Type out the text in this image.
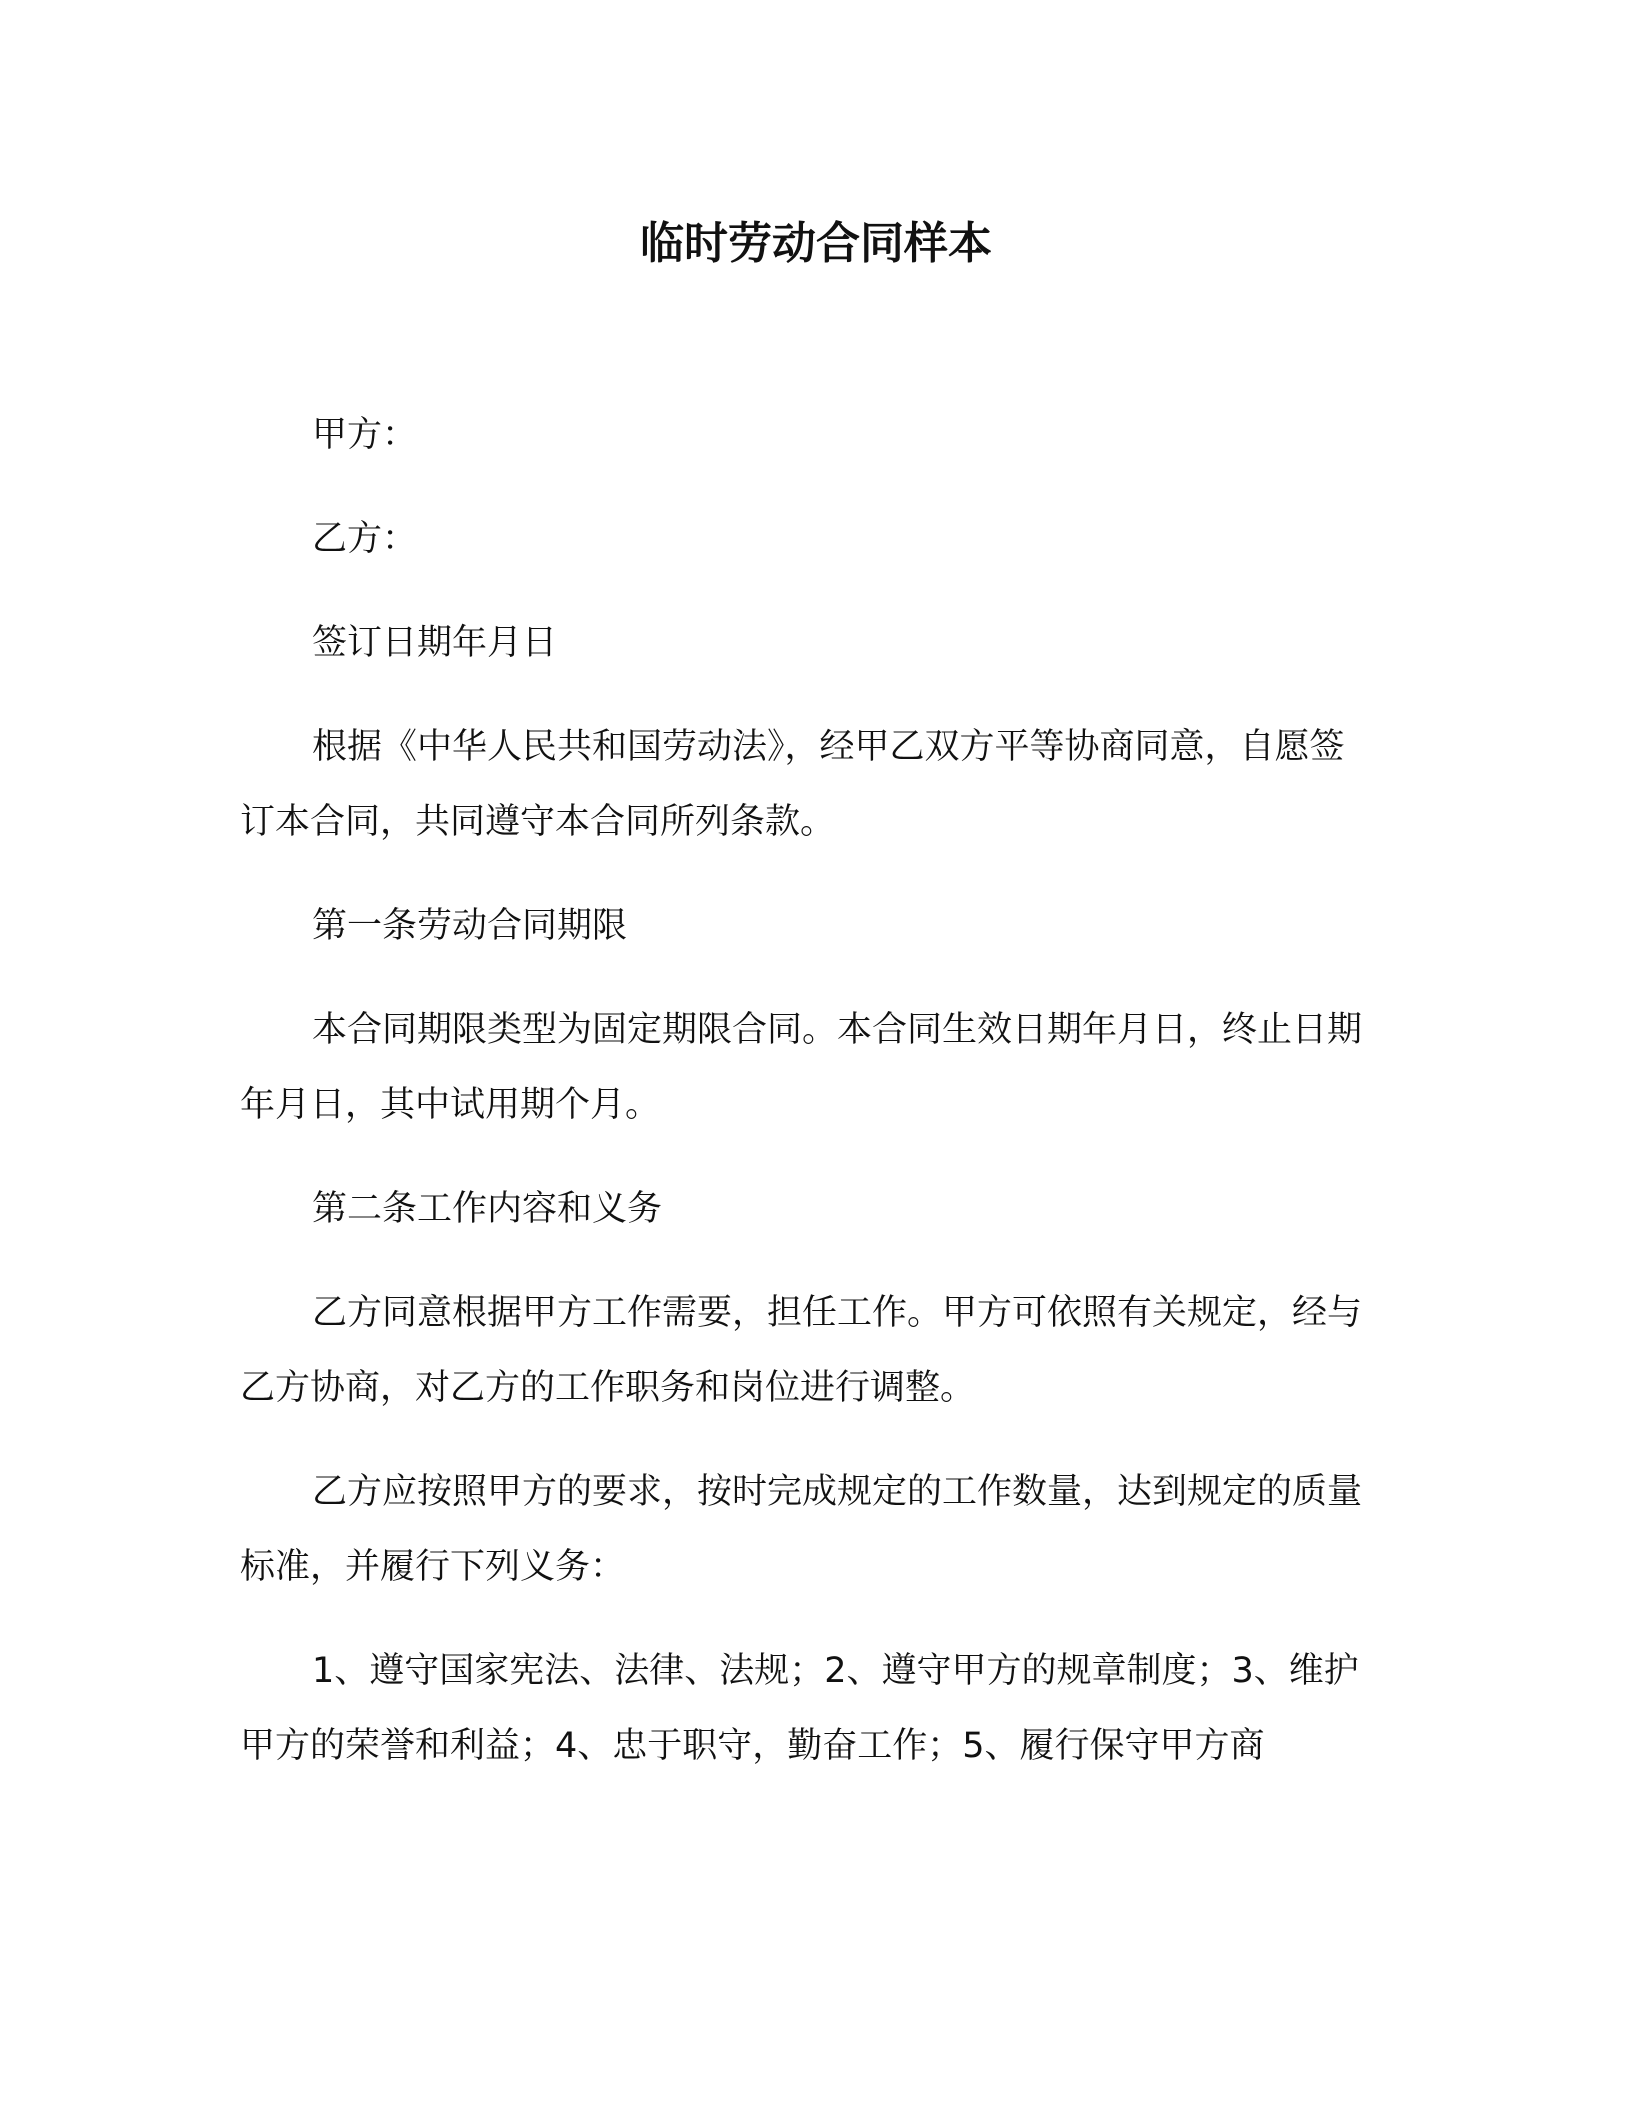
临时劳动合同样本

甲方：

乙方：

签订日期年月日

根据《中华人民共和国劳动法》，经甲乙双方平等协商同意，自愿签订本合同，共同遵守本合同所列条款。

第一条劳动合同期限

本合同期限类型为固定期限合同。本合同生效日期年月日，终止日期年月日，其中试用期个月。

第二条工作内容和义务

乙方同意根据甲方工作需要，担任工作。甲方可依照有关规定，经与乙方协商，对乙方的工作职务和岗位进行调整。

乙方应按照甲方的要求，按时完成规定的工作数量，达到规定的质量标准，并履行下列义务：

1、遵守国家宪法、法律、法规；2、遵守甲方的规章制度；3、维护甲方的荣誉和利益；4、忠于职守，勤奋工作；5、履行保守甲方商
